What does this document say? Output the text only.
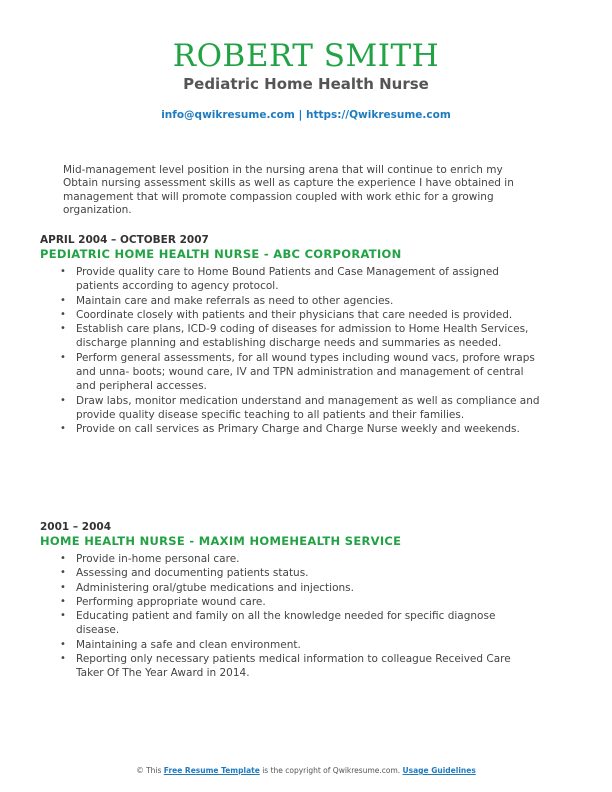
ROBERT SMITH
Pediatric Home Health Nurse
info@qwikresume.com | https://Qwikresume.com
Mid-management level position in the nursing arena that will continue to enrich my Obtain nursing assessment skills as well as capture the experience I have obtained in management that will promote compassion coupled with work ethic for a growing organization.
APRIL 2004 – OCTOBER 2007
PEDIATRIC HOME HEALTH NURSE - ABC CORPORATION
• Provide quality care to Home Bound Patients and Case Management of assigned patients according to agency protocol.
• Maintain care and make referrals as need to other agencies.
• Coordinate closely with patients and their physicians that care needed is provided.
• Establish care plans, ICD-9 coding of diseases for admission to Home Health Services, discharge planning and establishing discharge needs and summaries as needed.
• Perform general assessments, for all wound types including wound vacs, profore wraps and unna- boots; wound care, IV and TPN administration and management of central and peripheral accesses.
• Draw labs, monitor medication understand and management as well as compliance and provide quality disease specific teaching to all patients and their families.
• Provide on call services as Primary Charge and Charge Nurse weekly and weekends.
2001 – 2004
HOME HEALTH NURSE - MAXIM HOMEHEALTH SERVICE
• Provide in-home personal care.
• Assessing and documenting patients status.
• Administering oral/gtube medications and injections.
• Performing appropriate wound care.
• Educating patient and family on all the knowledge needed for specific diagnose disease.
• Maintaining a safe and clean environment.
• Reporting only necessary patients medical information to colleague Received Care Taker Of The Year Award in 2014.
© This Free Resume Template is the copyright of Qwikresume.com. Usage Guidelines
